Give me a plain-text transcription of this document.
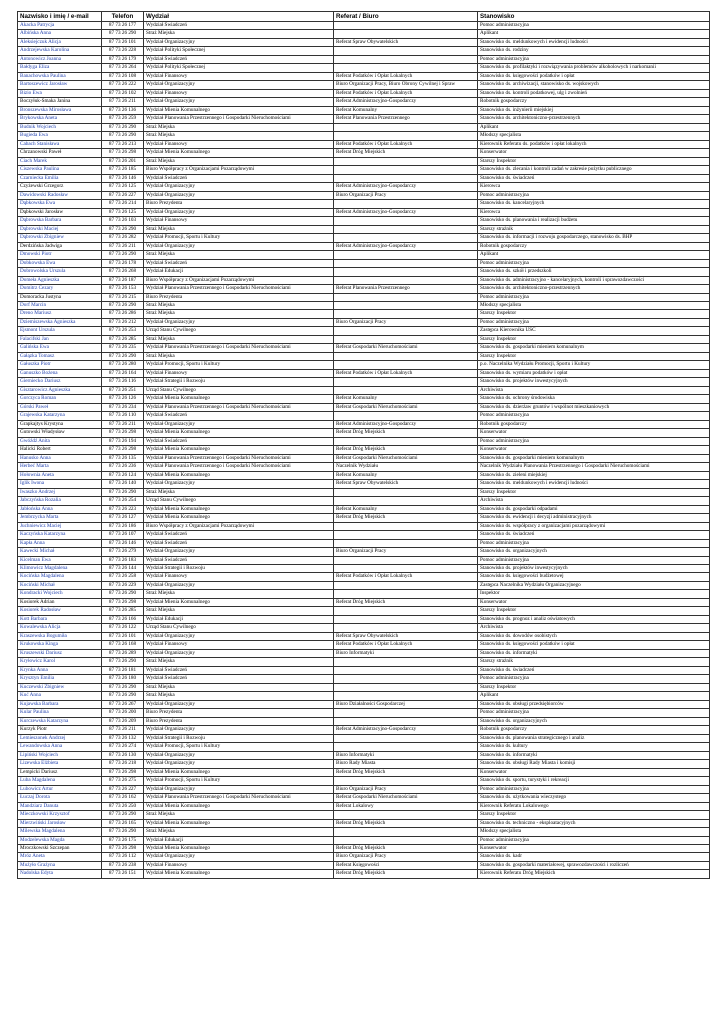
Nazwisko i imię / e-mail	Telefon	Wydział	Referat / Biuro	Stanowisko
Akacka Patrycja	87 73 26 177	Wydział Świadczeń		Pomoc administracyjna
Albińska Anna	87 73 26 290	Straż Miejska		Aplikant
Aleksiejczuk Alicja	87 73 26 101	Wydział Organizacyjny	Referat Spraw Obywatelskich	Stanowisko ds. meldunkowych i ewidencji ludności
Andrzejewska Karolina	87 73 26 228	Wydział Polityki Społecznej		Stanowisko ds. rodziny
Antonowicz Joanna	87 73 26 179	Wydział Świadczeń		Pomoc administracyjna
Bałdyga Eliza	87 73 26 264	Wydział Polityki Społecznej		Stanowisko ds. profilaktyki i rozwiązywania problemów alkoholowych i narkomanii
Banachowska Paulina	87 73 26 108	Wydział Finansowy	Referat Podatków i Opłat Lokalnych	Stanowisko ds. księgowości podatków i opłat
Bartoszewicz Jarosław	87 73 26 222	Wydział Organizacyjny	Biuro Organizacji Pracy, Biuro Obrony Cywilnej i Spraw	Stanowisko ds. archiwizacji, stanowisko ds. wojskowych
Bizio Ewa	87 73 26 102	Wydział Finansowy	Referat Podatków i Opłat Lokalnych	Stanowisko ds. kontroli podatkowej, ulg i zwolnień
Boczyłuk-Smaka Janina	87 73 26 211	Wydział Organizacyjny	Referat Administracyjno-Gospodarczy	Robotnik gospodarczy
Bronszewska Mirosława	87 73 26 136	Wydział Mienia Komunalnego	Referat Komunalny	Stanowisko ds. inżynierii miejskiej
Brykowska Aneta	87 73 26 259	Wydział Planowania Przestrzennego i Gospodarki Nieruchomościami	Referat Planowania Przestrzennego	Stanowisko ds. architektoniczno-przestrzennych
Budnik Wojciech	87 73 26 290	Straż Miejska		Aplikant
Bugieda Ewa	87 73 26 290	Straż Miejska		Młodszy specjalista
Cabach Stanisława	87 73 26 213	Wydział Finansowy	Referat Podatków i Opłat Lokalnych	Kierownik Referatu ds. podatków i opłat lokalnych
Chrzanowski Paweł	87 73 26 298	Wydział Mienia Komunalnego	Referat Dróg Miejskich	Konserwator
Ciach Marek	87 73 26 201	Straż Miejska		Starszy Inspektor
Ciszewska Paulina	87 73 26 185	Biuro Współpracy z Organizacjami Pozarządowymi		Stanowisko ds. zlecania i kontroli zadań w zakresie pożytku publicznego
Czarniecka Emilia	87 73 26 146	Wydział Świadczeń		Stanowisko ds. świadczeń
Czyżewski Grzegorz	87 73 26 125	Wydział Organizacyjny	Referat Administracyjno-Gospodarczy	Kierowca
Dawidowski Radosław	87 73 26 227	Wydział Organizacyjny	Biuro Organizacji Pracy	Pomoc administracyjna
Dąbkowska Ewa	87 73 26 214	Biuro Prezydenta		Stanowisko ds. kancelaryjnych
Dąbkowski Jarosław	87 73 26 125	Wydział Organizacyjny	Referat Administracyjno-Gospodarczy	Kierowca
Dąbrowska Barbara	87 73 26 103	Wydział Finansowy		Stanowisko ds. planowania i realizacji budżetu
Dąbrowski Maciej	87 73 26 290	Straż Miejska		Starszy strażnik
Dąbrowski Zbigniew	87 73 26 282	Wydział Promocji, Sportu i Kultury		Stanowisko ds. informacji i rozwoju gospodarczego, stanowisko ds. BHP
Derdzińska Jadwiga	87 73 26 211	Wydział Organizacyjny	Referat Administracyjno-Gospodarczy	Robotnik gospodarczy
Dmowski Piotr	87 73 26 290	Straż Miejska		Aplikant
Dobkowska Ewa	87 73 26 178	Wydział Świadczeń		Pomoc administracyjna
Dobrowolska Urszula	87 73 26 268	Wydział Edukacji		Stanowisko ds. szkół i przedszkoli
Domeła Agnieszka	87 73 26 187	Biuro Współpracy z Organizacjami Pozarządowymi		Stanowisko ds. administracyjno - kancelaryjnych, kontroli i sprawozdawczości
Domitrz Cezary	87 73 26 153	Wydział Planowania Przestrzennego i Gospodarki Nieruchomościami	Referat Planowania Przestrzennego	Stanowisko ds. architektoniczno-przestrzennych
Domoracka Justyna	87 73 26 215	Biuro Prezydenta		Pomoc administracyjna
Dorf Marcin	87 73 26 290	Straż Miejska		Młodszy specjalista
Dreno Mariusz	87 73 26 286	Straż Miejska		Starszy Inspektor
Dziemiszewska Agnieszka	87 73 26 212	Wydział Organizacyjny	Biuro Organizacji Pracy	Pomoc administracyjna
Ejsmont Urszula	87 73 26 253	Urząd Stanu Cywilnego		Zastępca Kierownika USC
Falacifski Jan	87 73 26 285	Straż Miejska		Starszy Inspektor
Galińska Ewa	87 73 26 235	Wydział Planowania Przestrzennego i Gospodarki Nieruchomościami	Referat Gospodarki Nieruchomościami	Stanowisko ds. gospodarki mieniem komunalnym
Gałązka Tomasz	87 73 26 290	Straż Miejska		Starszy Inspektor
Gałuszka Piotr	87 73 26 280	Wydział Promocji, Sportu i Kultury		p.o. Naczelnika Wydziału Promocji, Sportu i Kultury
Ganuszko Bożena	87 73 26 164	Wydział Finansowy	Referat Podatków i Opłat Lokalnych	Stanowisko ds. wymiaru podatków i opłat
Gierniecko Dariusz	87 73 26 116	Wydział Strategii i Rozwoju		Stanowisko ds. projektów inwestycyjnych
Gisztarowicz Agnieszka	87 73 26 251	Urząd Stanu Cywilnego		Archiwista
Gorczyca Roman	87 73 26 126	Wydział Mienia Komunalnego	Referat Komunalny	Stanowisko ds. ochrony środowiska
Górski Paweł	87 73 26 234	Wydział Planowania Przestrzennego i Gospodarki Nieruchomościami	Referat Gospodarki Nieruchomościami	Stanowisko ds. dzierżaw gruntów i wspólnot mieszkaniowych
Grajewska Katarzyna	87 73 26 110	Wydział Świadczeń		Pomoc administracyjna
Grapkajtys Krystyna	87 73 26 211	Wydział Organizacyjny	Referat Administracyjno-Gospodarczy	Robotnik gospodarczy
Gutowski Władysław	87 73 26 298	Wydział Mienia Komunalnego	Referat Dróg Miejskich	Konserwator
Gwóźdź Anita	87 73 26 194	Wydział Świadczeń		Pomoc administracyjna
Halicki Robert	87 73 26 298	Wydział Mienia Komunalnego	Referat Dróg Miejskich	Konserwator
Hanusko Anna	87 73 26 135	Wydział Planowania Przestrzennego i Gospodarki Nieruchomościami	Referat Gospodarki Nieruchomościami	Stanowisko ds. gospodarki mieniem komunalnym
Herbeć Marta	87 73 26 236	Wydział Planowania Przestrzennego i Gospodarki Nieruchomościami	Naczelnik Wydziału	Naczelnik Wydziału Planowania Przestrzennego i Gospodarki Nieruchomościami
Hołownia Aneta	87 73 26 124	Wydział Mienia Komunalnego	Referat Komunalny	Stanowisko ds. zieleni miejskiej
Iglik Iwona	87 73 26 140	Wydział Organizacyjny	Referat Spraw Obywatelskich	Stanowisko ds. meldunkowych i ewidencji ludności
Iwaszko Andrzej	87 73 26 290	Straż Miejska		Starszy Inspektor
Jabczyńska Rozalia	87 73 26 254	Urząd Stanu Cywilnego		Archiwista
Jabłońska Anna	87 73 26 223	Wydział Mienia Komunalnego	Referat Komunalny	Stanowisko ds. gospodarki odpadami
Jembrzycka Marta	87 73 26 127	Wydział Mienia Komunalnego	Referat Dróg Miejskich	Stanowisko ds. ewidencji i decyzji administracyjnych
Juchniewicz Maciej	87 73 26 186	Biuro Współpracy z Organizacjami Pozarządowymi		Stanowisko ds. współpracy z organizacjami pozarządowymi
Kaczyńska Katarzyna	87 73 26 107	Wydział Świadczeń		Stanowisko ds. świadczeń
Kapła Anna	87 73 26 146	Wydział Świadczeń		Pomoc administracyjna
Kawecki Michał	87 73 26 279	Wydział Organizacyjny	Biuro Organizacji Pracy	Stanowisko ds. organizacyjnych
Kicelman Ewa	87 73 26 183	Wydział Świadczeń		Pomoc administracyjna
Klimowicz Magdalena	87 73 26 144	Wydział Strategii i Rozwoju		Stanowisko ds. projektów inwestycyjnych
Kocińska Magdalena	87 73 26 258	Wydział Finansowy	Referat Podatków i Opłat Lokalnych	Stanowisko ds. księgowości budżetowej
Kociński Michał	87 73 26 229	Wydział Organizacyjny		Zastępca Naczelnika Wydziału Organizacyjnego
Kondracki Wojciech	87 73 26 290	Straż Miejska		Inspektor
Kosiorek Adrian	87 73 26 298	Wydział Mienia Komunalnego	Referat Dróg Miejskich	Konserwator
Kosiorek Radosław	87 73 26 285	Straż Miejska		Starszy Inspektor
Kott Barbara	87 73 26 166	Wydział Edukacji		Stanowisko ds. prognoz i analiz oświatowych
Kowalewska Alicja	87 73 26 122	Urząd Stanu Cywilnego		Archiwista
Kraszewska Bogumiła	87 73 26 101	Wydział Organizacyjny	Referat Spraw Obywatelskich	Stanowisko ds. dowodów osobistych
Krukowska Kinga	87 73 26 168	Wydział Finansowy	Referat Podatków i Opłat Lokalnych	Stanowisko ds. księgowości podatków i opłat
Kruszewski Dariusz	87 73 26 289	Wydział Organizacyjny	Biuro Informatyki	Stanowisko ds. informatyki
Kryłowicz Karol	87 73 26 290	Straż Miejska		Starszy strażnik
Krynka Anna	87 73 26 181	Wydział Świadczeń		Stanowisko ds. świadczeń
Krysztyn Emilia	87 73 26 180	Wydział Świadczeń		Pomoc administracyjna
Kuczewski Zbigniew	87 73 26 290	Straż Miejska		Starszy Inspektor
Kuć Anna	87 73 26 290	Straż Miejska		Aplikant
Kujawska Barbara	87 73 26 267	Wydział Organizacyjny	Biuro Działalności Gospodarczej	Stanowisko ds. obsługi przedsiębiorców
Kular Paulina	87 73 26 200	Biuro Prezydenta		Pomoc administracyjna
Kurczewska Katarzyna	87 73 26 209	Biuro Prezydenta		Stanowisko ds. organizacyjnych
Kurzyk Piotr	87 73 26 211	Wydział Organizacyjny	Referat Administracyjno-Gospodarczy	Robotnik gospodarczy
Lemieszonek Andrzej	87 73 26 132	Wydział Strategii i Rozwoju		Stanowisko ds. planowania strategicznego i analiz
Lewandowska Anna	87 73 26 274	Wydział Promocji, Sportu i Kultury		Stanowisko ds. kultury
Lipiński Wojciech	87 73 26 130	Wydział Organizacyjny	Biuro Informatyki	Stanowisko ds. informatyki
Lizewska Elżbieta	87 73 26 218	Wydział Organizacyjny	Biuro Rady Miasta	Stanowisko ds. obsługi Rady Miasta i komisji
Lempicki Dariusz	87 73 26 298	Wydział Mienia Komunalnego	Referat Dróg Miejskich	Konserwator
Luba Magdalena	87 73 26 275	Wydział Promocji, Sportu i Kultury		Stanowisko ds. sportu, turystyki i rekreacji
Lubowicz Artur	87 73 26 227	Wydział Organizacyjny	Biuro Organizacji Pracy	Pomoc administracyjna
Łuczaj Dorota	87 73 26 162	Wydział Planowania Przestrzennego i Gospodarki Nieruchomościami	Referat Gospodarki Nieruchomościami	Stanowisko ds. użytkowania wieczystego
Mandziarz Danuta	87 73 26 250	Wydział Mienia Komunalnego	Referat Lokalowy	Kierownik Referatu Lokalowego
Mieczkowski Krzysztof	87 73 26 290	Straż Miejska		Starszy Inspektor
Mierzwiński Jarosław	87 73 26 165	Wydział Mienia Komunalnego	Referat Dróg Miejskich	Stanowisko ds. techniczno - eksploatacyjnych
Milewska Magdalena	87 73 26 290	Straż Miejska		Młodszy specjalista
Modzelewska Magda	87 73 26 175	Wydział Edukacji		Pomoc administracyjna
Mroczkowski Szczepan	87 73 26 298	Wydział Mienia Komunalnego	Referat Dróg Miejskich	Konserwator
Mróz Aneta	87 73 26 112	Wydział Organizacyjny	Biuro Organizacji Pracy	Stanowisko ds. kadr
Mużyło Grażyna	87 73 26 238	Wydział Finansowy	Referat Księgowości	Stanowisko ds. gospodarki materiałowej, sprawozdawczości i rozliczeń
Nadolska Edyta	87 73 26 151	Wydział Mienia Komunalnego	Referat Dróg Miejskich	Kierownik Referatu Dróg Miejskich
